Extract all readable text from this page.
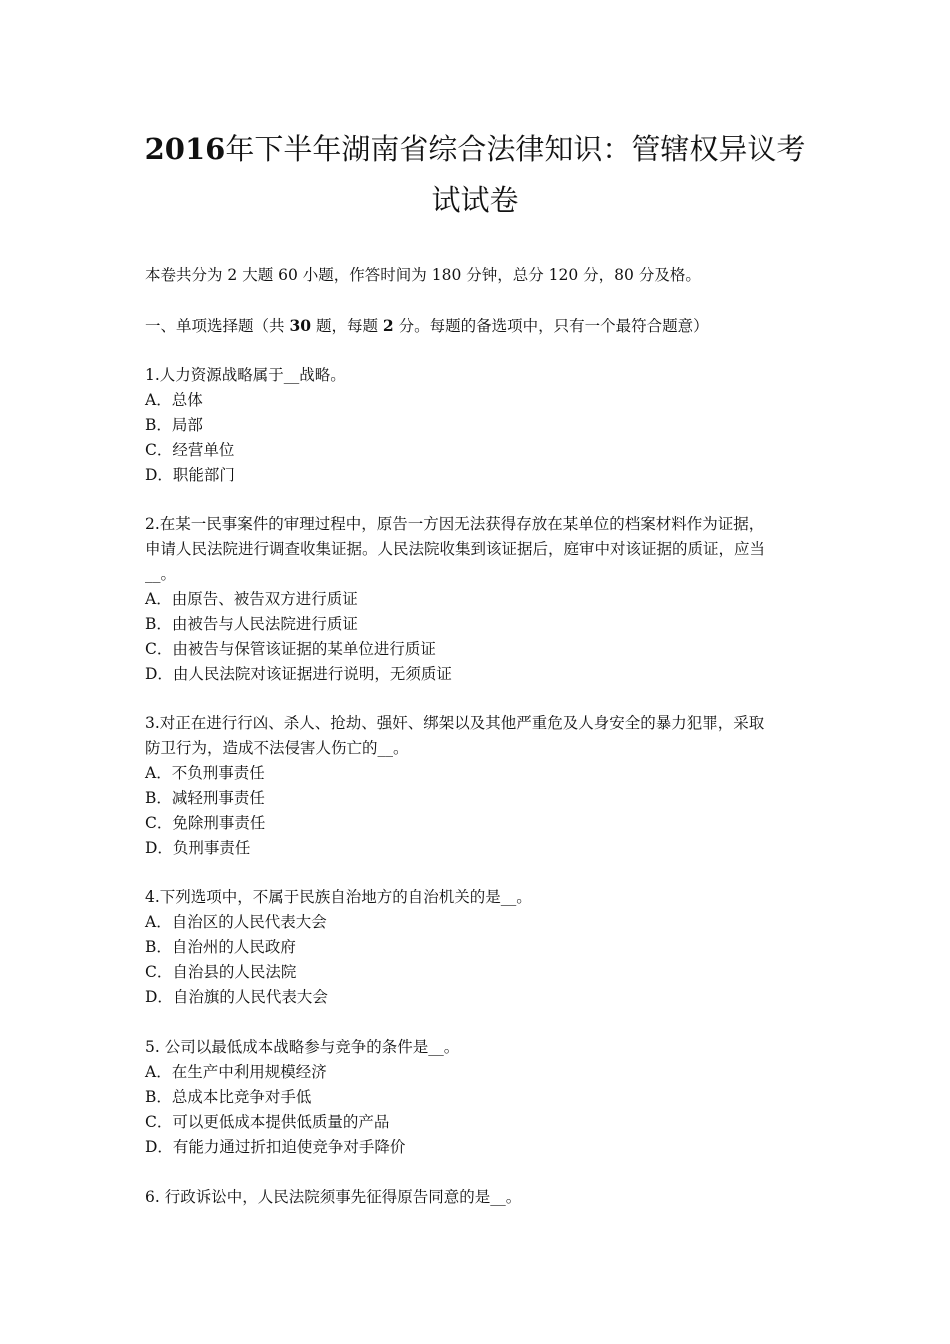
2016年下半年湖南省综合法律知识：管辖权异议考
试试卷
本卷共分为 2 大题 60 小题，作答时间为 180 分钟，总分 120 分，80 分及格。
一、单项选择题（共 30 题，每题 2 分。每题的备选项中，只有一个最符合题意）
1.人力资源战略属于__战略。
A．总体
B．局部
C．经营单位
D．职能部门
2.在某一民事案件的审理过程中，原告一方因无法获得存放在某单位的档案材料作为证据，
申请人民法院进行调查收集证据。人民法院收集到该证据后，庭审中对该证据的质证，应当
__。
A．由原告、被告双方进行质证
B．由被告与人民法院进行质证
C．由被告与保管该证据的某单位进行质证
D．由人民法院对该证据进行说明，无须质证
3.对正在进行行凶、杀人、抢劫、强奸、绑架以及其他严重危及人身安全的暴力犯罪，采取
防卫行为，造成不法侵害人伤亡的__。
A．不负刑事责任
B．减轻刑事责任
C．免除刑事责任
D．负刑事责任
4.下列选项中，不属于民族自治地方的自治机关的是__。
A．自治区的人民代表大会
B．自治州的人民政府
C．自治县的人民法院
D．自治旗的人民代表大会
5. 公司以最低成本战略参与竞争的条件是__。
A．在生产中利用规模经济
B．总成本比竞争对手低
C．可以更低成本提供低质量的产品
D．有能力通过折扣迫使竞争对手降价
6. 行政诉讼中，人民法院须事先征得原告同意的是__。
